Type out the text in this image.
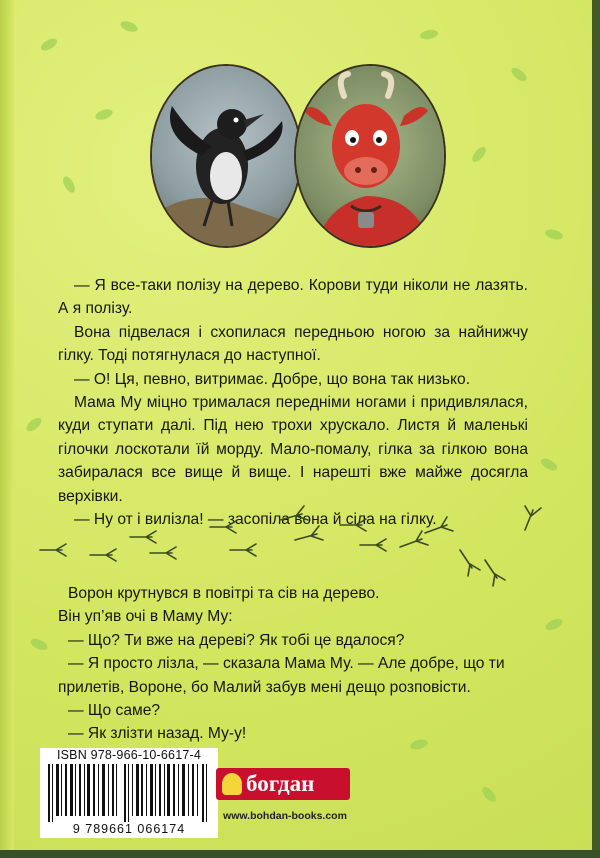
— Я все-таки полізу на дерево. Корови туди ніколи не лазять. А я полізу.

Вона підвелася і схопилася передньою ногою за найнижчу гілку. Тоді потягнулася до наступної.

— О! Ця, певно, витримає. Добре, що вона так низько.

Мама Му міцно трималася передніми ногами і придивлялася, куди ступати далі. Під нею трохи хрускало. Листя й маленькі гілочки лоскотали їй морду. Мало-помалу, гілка за гілкою вона забиралася все вище й вище. І нарешті вже майже досягла верхівки.

— Ну от і вилізла! — засопіла вона й сіла на гілку.

Ворон крутнувся в повітрі та сів на дерево.

Він уп’яв очі в Маму Му:

— Що? Ти вже на дереві? Як тобі це вдалося?

— Я просто лізла, — сказала Мама Му. — Але добре, що ти прилетів, Вороне, бо Малий забув мені дещо розповісти.

— Що саме?

— Як злізти назад. Му-у!

ISBN 978-966-10-6617-4
9 789661 066174
богдан
www.bohdan-books.com
